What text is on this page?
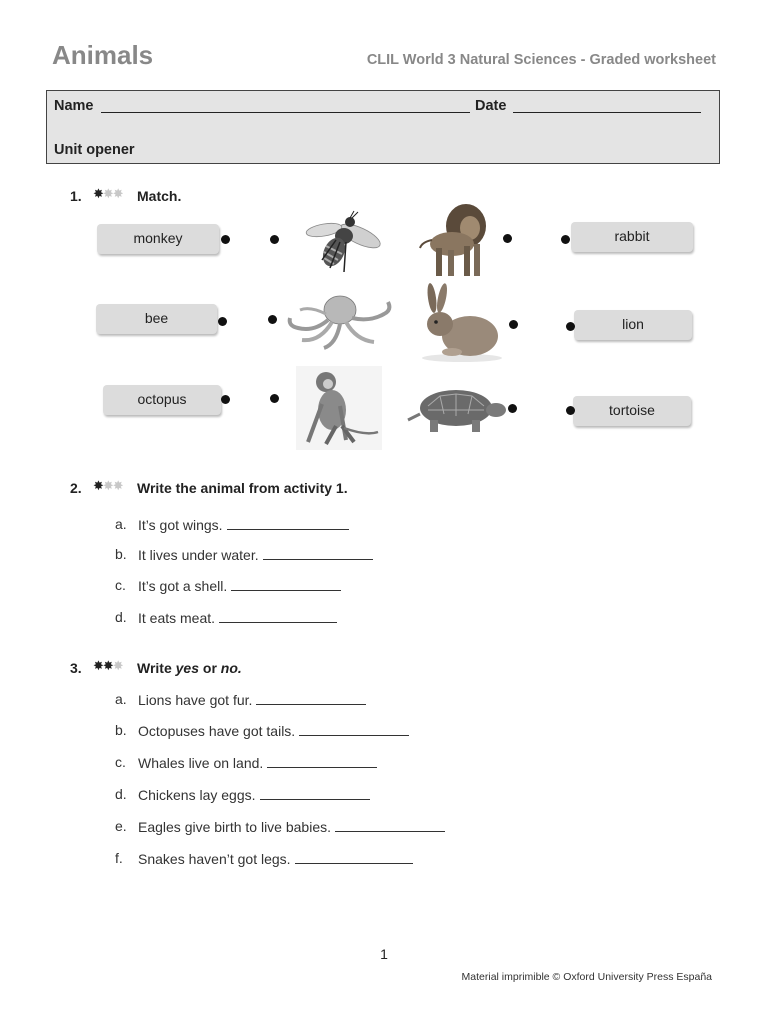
Animals	CLIL World 3 Natural Sciences - Graded worksheet
Name	Date
Unit opener
1. ✸✸✸ Match.
monkey
bee
octopus
rabbit
lion
tortoise
2. ✸✸✸ Write the animal from activity 1.
a. It’s got wings.
b. It lives under water.
c. It’s got a shell.
d. It eats meat.
3. ✸✸✸ Write yes or no.
a. Lions have got fur.
b. Octopuses have got tails.
c. Whales live on land.
d. Chickens lay eggs.
e. Eagles give birth to live babies.
f. Snakes haven’t got legs.
1
Material imprimible © Oxford University Press España
